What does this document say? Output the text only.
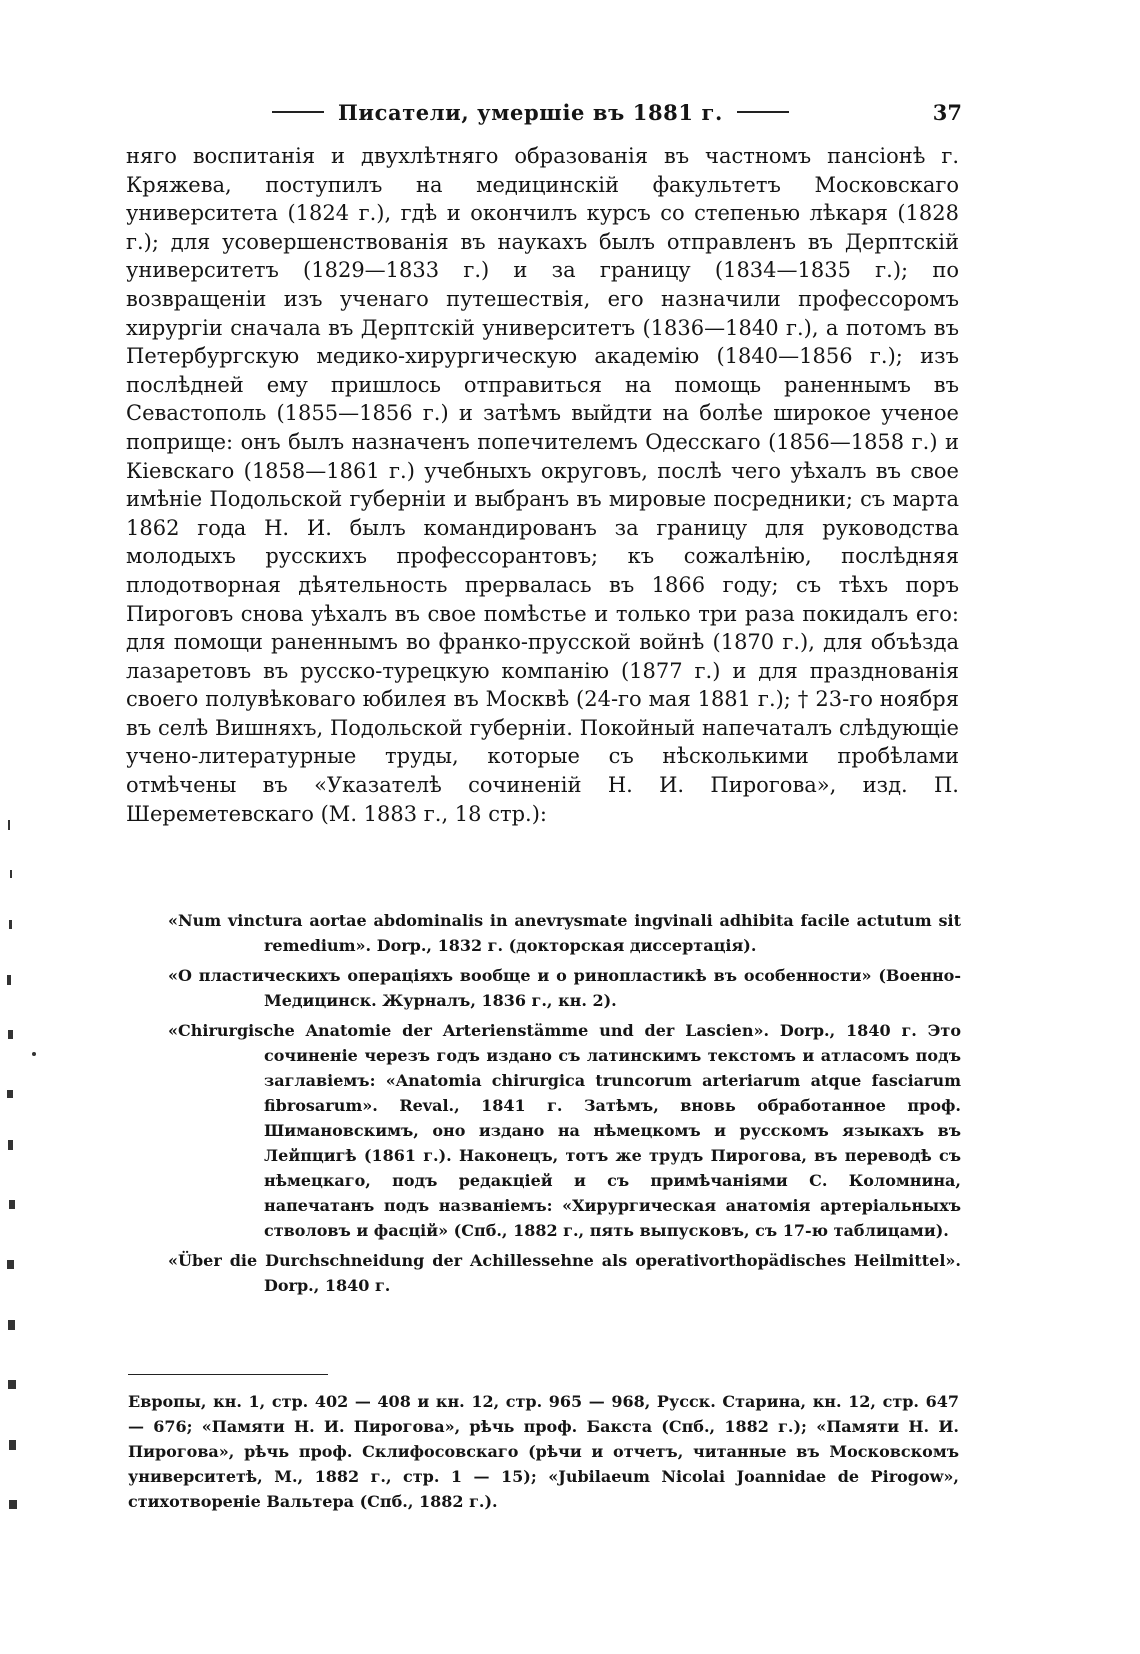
Писатели, умершіе въ 1881 г.	37
няго воспитанія и двухлѣтняго образованія въ частномъ пансіонѣ г. Кряжева, поступилъ на медицинскій факультетъ Московскаго университета (1824 г.), гдѣ и окончилъ курсъ со степенью лѣкаря (1828 г.); для усовершенствованія въ наукахъ былъ отправленъ въ Дерптскій университетъ (1829—1833 г.) и за границу (1834—1835 г.); по возвращеніи изъ ученаго путешествія, его назначили профессоромъ хирургіи сначала въ Дерптскій университетъ (1836—1840 г.), а потомъ въ Петербургскую медико-хирургическую академію (1840—1856 г.); изъ послѣдней ему пришлось отправиться на помощь раненнымъ въ Севастополь (1855—1856 г.) и затѣмъ выйдти на болѣе широкое ученое поприще: онъ былъ назначенъ попечителемъ Одесскаго (1856—1858 г.) и Кіевскаго (1858—1861 г.) учебныхъ округовъ, послѣ чего уѣхалъ въ свое имѣніе Подольской губерніи и выбранъ въ мировые посредники; съ марта 1862 года Н. И. былъ командированъ за границу для руководства молодыхъ русскихъ профессорантовъ; къ сожалѣнію, послѣдняя плодотворная дѣятельность прервалась въ 1866 году; съ тѣхъ поръ Пироговъ снова уѣхалъ въ свое помѣстье и только три раза покидалъ его: для помощи раненнымъ во франко-прусской войнѣ (1870 г.), для объѣзда лазаретовъ въ русско-турецкую компанію (1877 г.) и для празднованія своего полувѣковаго юбилея въ Москвѣ (24-го мая 1881 г.); † 23-го ноября въ селѣ Вишняхъ, Подольской губерніи. Покойный напечаталъ слѣдующіе учено-литературные труды, которые съ нѣсколькими пробѣлами отмѣчены въ «Указателѣ сочиненій Н. И. Пирогова», изд. П. Шереметевскаго (М. 1883 г., 18 стр.):

«Num vinctura aortae abdominalis in anevrysmate ingvinali adhibita facile actutum sit remedium». Dorp., 1832 г. (докторская диссертація).

«О пластическихъ операціяхъ вообще и о ринопластикѣ въ особенности» (Военно-Медицинск. Журналъ, 1836 г., кн. 2).

«Chirurgische Anatomie der Arterienstämme und der Lascien». Dorp., 1840 г. Это сочиненіе черезъ годъ издано съ латинскимъ текстомъ и атласомъ подъ заглавіемъ: «Anatomia chirurgica truncorum arteriarum atque fasciarum fibrosarum». Reval., 1841 г. Затѣмъ, вновь обработанное проф. Шимановскимъ, оно издано на нѣмецкомъ и русскомъ языкахъ въ Лейпцигѣ (1861 г.). Наконецъ, тотъ же трудъ Пирогова, въ переводѣ съ нѣмецкаго, подъ редакціей и съ примѣчаніями С. Коломнина, напечатанъ подъ названіемъ: «Хирургическая анатомія артеріальныхъ стволовъ и фасцій» (Спб., 1882 г., пять выпусковъ, съ 17-ю таблицами).

«Über die Durchschneidung der Achillessehne als operativorthopädisches Heilmittel». Dorp., 1840 г.

Европы, кн. 1, стр. 402 — 408 и кн. 12, стр. 965 — 968, Русск. Старина, кн. 12, стр. 647 — 676; «Памяти Н. И. Пирогова», рѣчь проф. Бакста (Спб., 1882 г.); «Памяти Н. И. Пирогова», рѣчь проф. Склифосовскаго (рѣчи и отчетъ, читанные въ Московскомъ университетѣ, М., 1882 г., стр. 1 — 15); «Jubilaeum Nicolai Joannidae de Pirogow», стихотвореніе Вальтера (Спб., 1882 г.).
